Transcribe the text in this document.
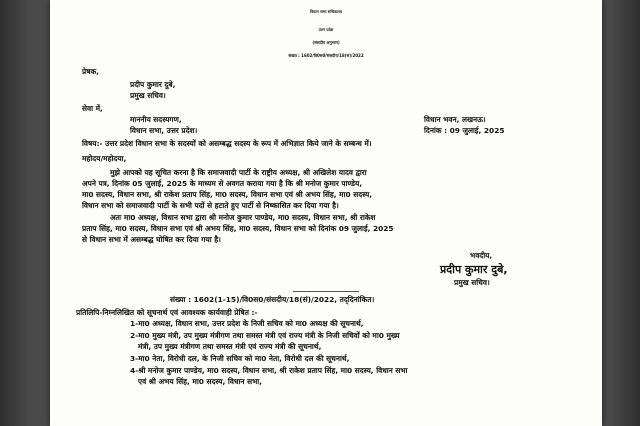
विधान सभा सचिवालय
उत्तर प्रदेश
(संसदीय अनुभाग)
संख्या : 1602/वि0स0/संसदीय/18(सं)/2022
प्रेषक,
प्रदीप कुमार दुबे,
प्रमुख सचिव।
सेवा में,
माननीय सदस्यगण,
विधान सभा, उत्तर प्रदेश।
विधान भवन, लखनऊ।
दिनांक : 09 जुलाई, 2025
विषय:- उत्तर प्रदेश विधान सभा के सदस्यों को असम्बद्ध सदस्य के रूप में अभिज्ञात किये जाने के सम्बन्ध में।
महोदय/महोदया,
मुझे आपको यह सूचित करना है कि समाजवादी पार्टी के राष्ट्रीय अध्यक्ष, श्री अखिलेश यादव द्वारा
अपने पत्र, दिनांक 05 जुलाई, 2025 के माध्यम से अवगत कराया गया है कि श्री मनोज कुमार पाण्डेय,
मा0 सदस्य, विधान सभा, श्री राकेश प्रताप सिंह, मा0 सदस्य, विधान सभा एवं श्री अभय सिंह, मा0 सदस्य,
विधान सभा को समाजवादी पार्टी के सभी पदों से हटाते हुए पार्टी से निष्कासित कर दिया गया है।
अतः मा0 अध्यक्ष, विधान सभा द्वारा श्री मनोज कुमार पाण्डेय, मा0 सदस्य, विधान सभा, श्री राकेश
प्रताप सिंह, मा0 सदस्य, विधान सभा एवं श्री अभय सिंह, मा0 सदस्य, विधान सभा को दिनांक 09 जुलाई, 2025
से विधान सभा में असम्बद्ध घोषित कर दिया गया है।
भवदीय,
प्रदीप कुमार दुबे,
प्रमुख सचिव।
संख्या : 1602(1-15)/वि0स0/संसदीय/18(सं)/2022, तद्‌दिनांकित।
प्रतिलिपि-निम्नलिखित को सूचनार्थ एवं आवश्यक कार्यवाही प्रेषित :-
1-मा0 अध्यक्ष, विधान सभा, उत्तर प्रदेश के निजी सचिव को मा0 अध्यक्ष की सूचनार्थ,
2-मा0 मुख्य मंत्री, उप मुख्य मंत्रीगण तथा समस्त मंत्री एवं राज्य मंत्री के निजी सचिवों को मा0 मुख्य
मंत्री, उप मुख्य मंत्रीगण तथा समस्त मंत्री एवं राज्य मंत्री की सूचनार्थ,
3-मा0 नेता, विरोधी दल, के निजी सचिव को मा0 नेता, विरोधी दल की सूचनार्थ,
4-श्री मनोज कुमार पाण्डेय, मा0 सदस्य, विधान सभा, श्री राकेश प्रताप सिंह, मा0 सदस्य, विधान सभा
एवं श्री अभय सिंह, मा0 सदस्य, विधान सभा,
